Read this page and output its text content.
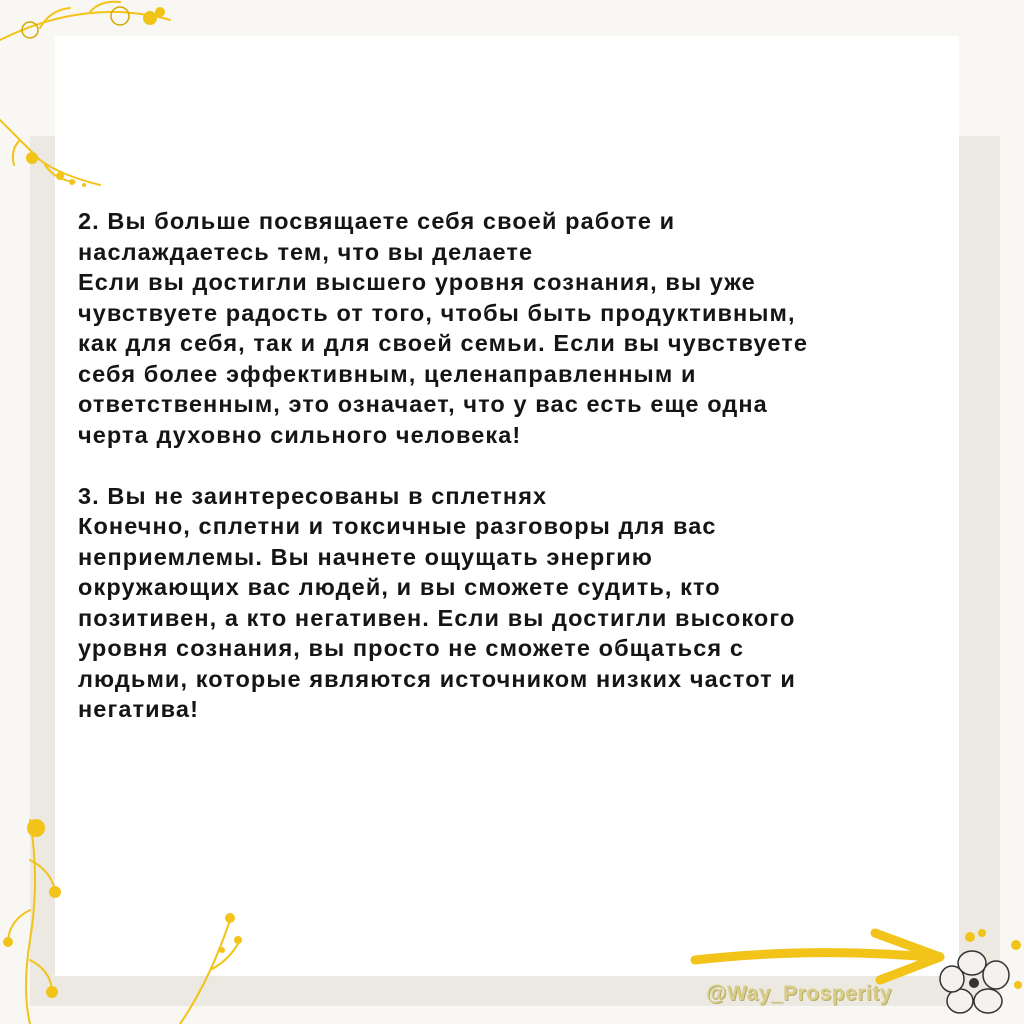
2. Вы больше посвящаете себя своей работе и

наслаждаетесь тем, что вы делаете

Если вы достигли высшего уровня сознания, вы уже

чувствуете радость от того, чтобы быть продуктивным,

как для себя, так и для своей семьи. Если вы чувствуете

себя более эффективным, целенаправленным и

ответственным, это означает, что у вас есть еще одна

черта духовно сильного человека!

3. Вы не заинтересованы в сплетнях

Конечно, сплетни и токсичные разговоры для вас

неприемлемы. Вы начнете ощущать энергию

окружающих вас людей, и вы сможете судить, кто

позитивен, а кто негативен. Если вы достигли высокого

уровня сознания, вы просто не сможете общаться с

людьми, которые являются источником низких частот и

негатива!

@Way_Prosperity
